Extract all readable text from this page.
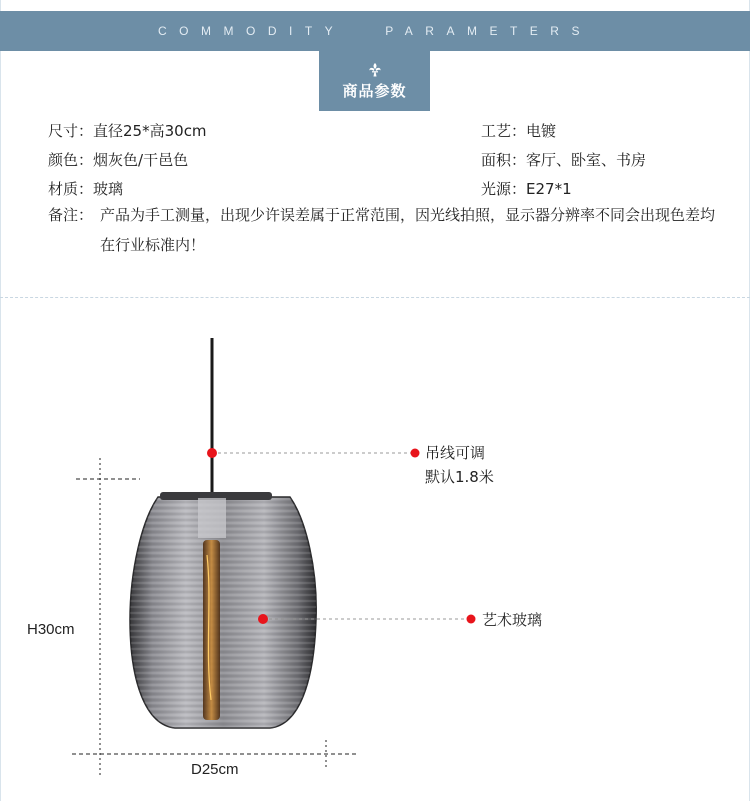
COMMODITY	PARAMETERS
商品参数
尺寸：直径25*高30cm	工艺：电镀
颜色：烟灰色/干邑色	面积：客厅、卧室、书房
材质：玻璃	光源：E27*1
备注： 产品为手工测量，出现少许误差属于正常范围，因光线拍照，显示器分辨率不同会出现色差均在行业标准内！
吊线可调
默认1.8米
艺术玻璃
H30cm
D25cm
